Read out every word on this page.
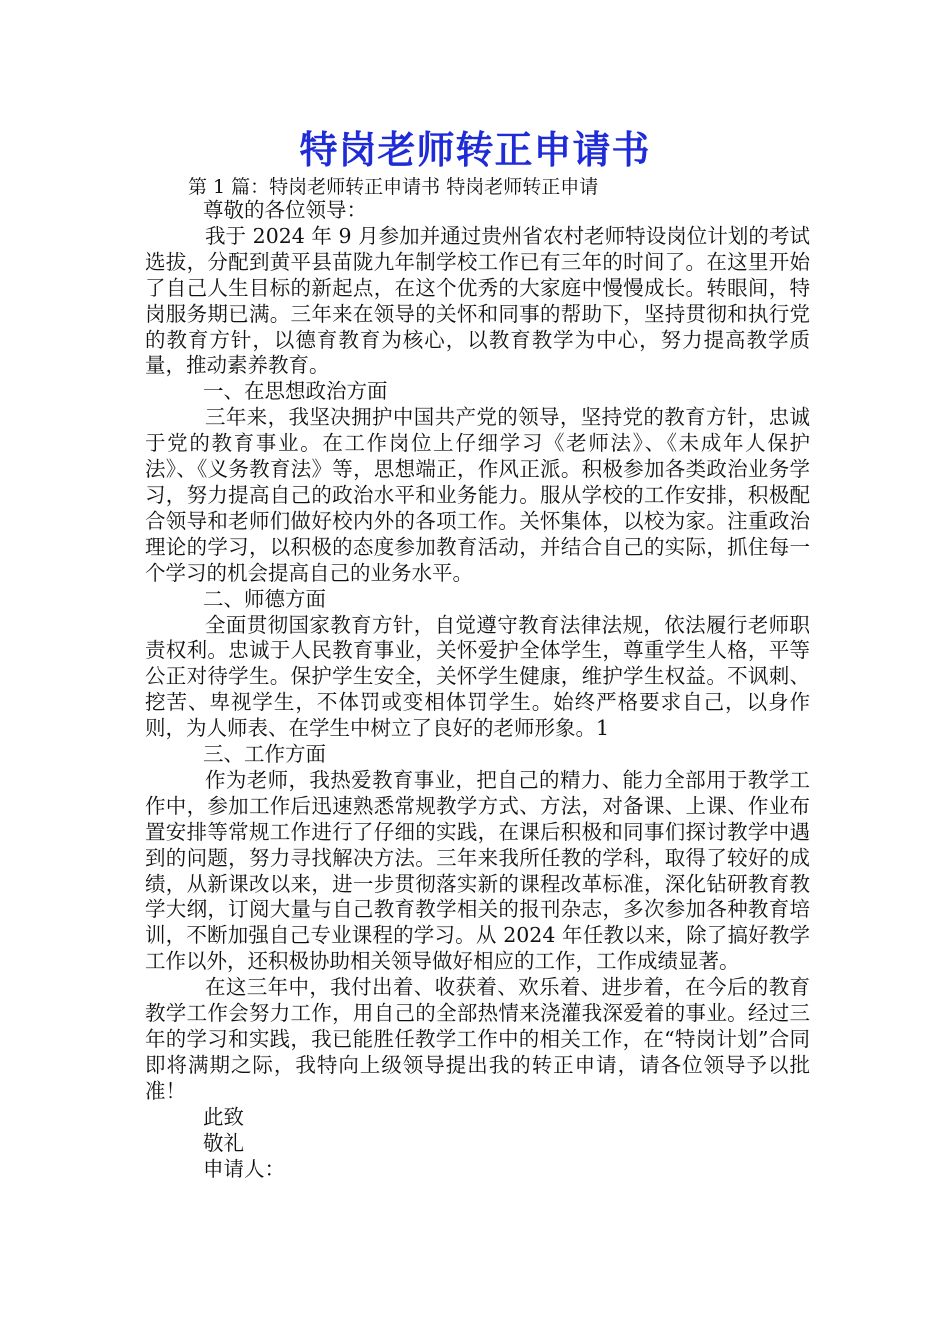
特岗老师转正申请书
第 1 篇：特岗老师转正申请书 特岗老师转正申请

尊敬的各位领导：

我于 2024 年 9 月参加并通过贵州省农村老师特设岗位计划的考试选拔，分配到黄平县苗陇九年制学校工作已有三年的时间了。在这里开始了自己人生目标的新起点，在这个优秀的大家庭中慢慢成长。转眼间，特岗服务期已满。三年来在领导的关怀和同事的帮助下，坚持贯彻和执行党的教育方针，以德育教育为核心，以教育教学为中心，努力提高教学质量，推动素养教育。

一、在思想政治方面

三年来，我坚决拥护中国共产党的领导，坚持党的教育方针，忠诚于党的教育事业。在工作岗位上仔细学习《老师法》、《未成年人保护法》、《义务教育法》等，思想端正，作风正派。积极参加各类政治业务学习，努力提高自己的政治水平和业务能力。服从学校的工作安排，积极配合领导和老师们做好校内外的各项工作。关怀集体，以校为家。注重政治理论的学习，以积极的态度参加教育活动，并结合自己的实际，抓住每一个学习的机会提高自己的业务水平。

二、师德方面

全面贯彻国家教育方针，自觉遵守教育法律法规，依法履行老师职责权利。忠诚于人民教育事业，关怀爱护全体学生，尊重学生人格，平等公正对待学生。保护学生安全，关怀学生健康，维护学生权益。不讽刺、挖苦、卑视学生，不体罚或变相体罚学生。始终严格要求自己，以身作则，为人师表、在学生中树立了良好的老师形象。1

三、工作方面

作为老师，我热爱教育事业，把自己的精力、能力全部用于教学工作中，参加工作后迅速熟悉常规教学方式、方法，对备课、上课、作业布置安排等常规工作进行了仔细的实践，在课后积极和同事们探讨教学中遇到的问题，努力寻找解决方法。三年来我所任教的学科，取得了较好的成绩，从新课改以来，进一步贯彻落实新的课程改革标准，深化钻研教育教学大纲，订阅大量与自己教育教学相关的报刊杂志，多次参加各种教育培训，不断加强自己专业课程的学习。从 2024 年任教以来，除了搞好教学工作以外，还积极协助相关领导做好相应的工作，工作成绩显著。

在这三年中，我付出着、收获着、欢乐着、进步着，在今后的教育教学工作会努力工作，用自己的全部热情来浇灌我深爱着的事业。经过三年的学习和实践，我已能胜任教学工作中的相关工作，在“特岗计划”合同即将满期之际，我特向上级领导提出我的转正申请，请各位领导予以批准！

此致

敬礼

申请人：
